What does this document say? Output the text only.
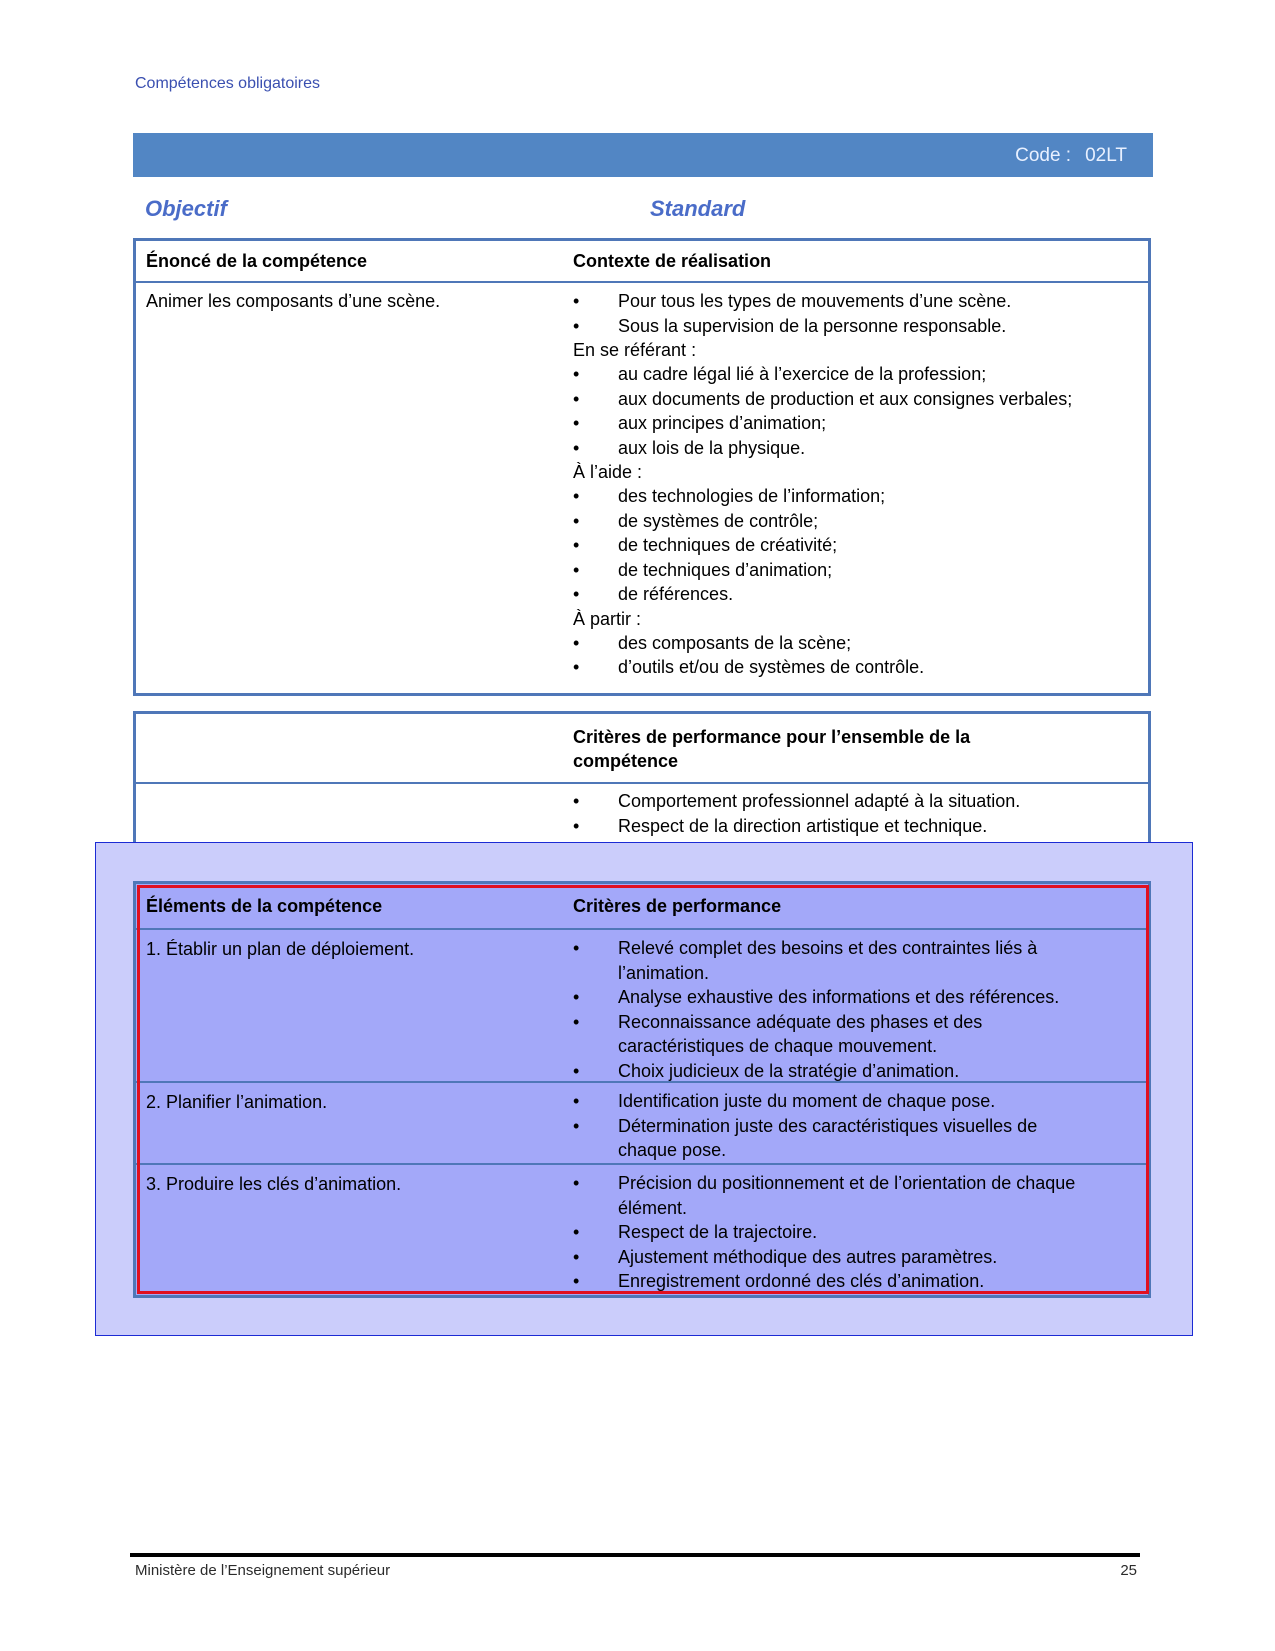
Compétences obligatoires
Code : 02LT
Objectif	Standard
Énoncé de la compétence	Contexte de réalisation
Animer les composants d’une scène.	• Pour tous les types de mouvements d’une scène.
• Sous la supervision de la personne responsable.
En se référant :
• au cadre légal lié à l’exercice de la profession;
• aux documents de production et aux consignes verbales;
• aux principes d’animation;
• aux lois de la physique.
À l’aide :
• des technologies de l’information;
• de systèmes de contrôle;
• de techniques de créativité;
• de techniques d’animation;
• de références.
À partir :
• des composants de la scène;
• d’outils et/ou de systèmes de contrôle.
Critères de performance pour l’ensemble de la compétence
• Comportement professionnel adapté à la situation.
• Respect de la direction artistique et technique.
•
Éléments de la compétence	Critères de performance
1. Établir un plan de déploiement.	• Relevé complet des besoins et des contraintes liés à l’animation.
• Analyse exhaustive des informations et des références.
• Reconnaissance adéquate des phases et des caractéristiques de chaque mouvement.
• Choix judicieux de la stratégie d’animation.
2. Planifier l’animation.	• Identification juste du moment de chaque pose.
• Détermination juste des caractéristiques visuelles de chaque pose.
3. Produire les clés d’animation.	• Précision du positionnement et de l’orientation de chaque élément.
• Respect de la trajectoire.
• Ajustement méthodique des autres paramètres.
• Enregistrement ordonné des clés d’animation.
Ministère de l’Enseignement supérieur	25
